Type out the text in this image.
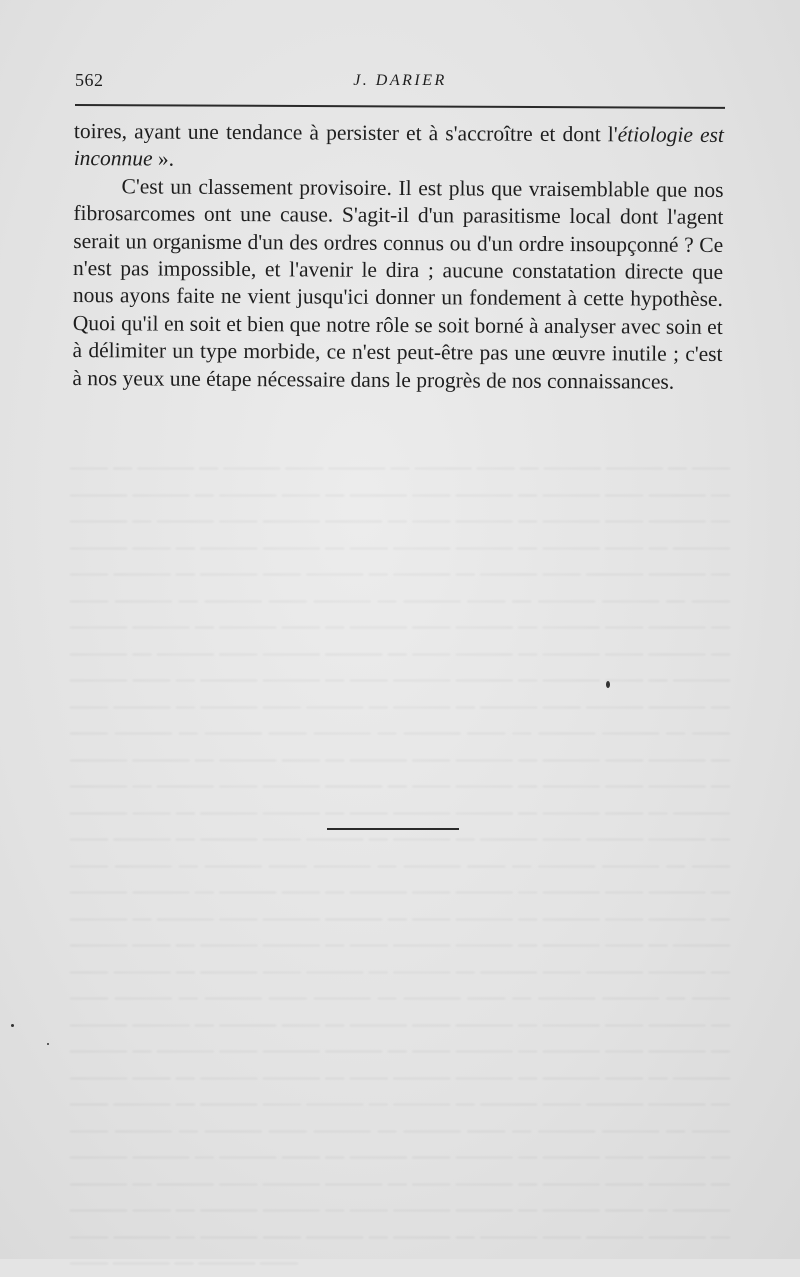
—— — ——— — ——— —— ——— — ——— —— — ——— ——— — —— ——— ——— — ——— —— — ——— —— ——— — ——— —— ——— — ——— — ——— —— ——— ——— — —— ——— — ——— —— ——— — ——— —— — ——— ——— — —— ——— ——— — ——— —— — ——— —— ——— — ——— —— ——— — ——— — ——— —— ——— ——— — —— ——— — ——— —— ——— — ——— —— — ——— ——— — —— ——— ——— — ——— —— — ——— —— ——— — ——— —— ——— — ——— — ——— —— ——— ——— — —— ——— — ——— —— ——— — ——— —— — ——— ——— — —— ——— ——— — ——— —— — ——— —— ——— — ——— —— ——— — ——— — ——— —— ——— ——— — —— ——— — ——— —— ——— — ——— —— — ——— ——— — —— ——— ——— — ——— —— — ——— —— ——— — ——— —— ——— — ——— — ——— —— ——— ——— — —— ——— — ——— —— ——— — ——— —— — ——— ——— — —— ——— ——— — ——— —— — ——— —— ——— — ——— —— ——— — ——— — ——— —— ——— ——— — —— ——— — ——— —— ——— — ——— —— — ——— ——— — —— ——— ——— — ——— —— — ——— —— ——— — ——— —— ——— — ——— — ——— —— ——— ——— — —— ——— — ——— —— ——— — ——— —— — ——— ——— — —— ——— ——— — ——— —— — ——— —— ——— — ——— —— ——— — ——— — ——— —— ——— ——— — —— ——— — ——— —— ——— — ——— —— — ——— ——— — —— ——— ——— — ——— —— — ——— —— ——— — ——— —— ——— — ——— — ——— —— ——— ——— — —— ——— — ——— —— ——— — ——— —— — ——— ——— — —— ——— ——— — ——— —— — ——— —— ——— — ——— —— ——— — ——— — ——— —— ——— ——— — —— ——— — ——— —— ——— — ——— —— — ——— ——— — —— ——— ——— — ——— —— — ——— —— ——— — ——— —— ——— — ——— — ——— —— ——— ——— — —— ——— — ——— —— ——— — ——— —— — ——— ——— — —— ——— ——— — ——— —— — ——— —— ——— — ——— —— ——— — ——— — ——— —— ——— ——— — —— ——— — ——— ——

562	J. DARIER

toires, ayant une tendance à persister et à s'accroître et dont l'étiologie est inconnue ».

C'est un classement provisoire. Il est plus que vraisemblable que nos fibrosarcomes ont une cause. S'agit-il d'un parasitisme local dont l'agent serait un organisme d'un des ordres connus ou d'un ordre insoupçonné ? Ce n'est pas impossible, et l'avenir le dira ; aucune constatation directe que nous ayons faite ne vient jusqu'ici donner un fondement à cette hypothèse. Quoi qu'il en soit et bien que notre rôle se soit borné à analyser avec soin et à délimiter un type morbide, ce n'est peut-être pas une œuvre inutile ; c'est à nos yeux une étape nécessaire dans le progrès de nos connaissances.
